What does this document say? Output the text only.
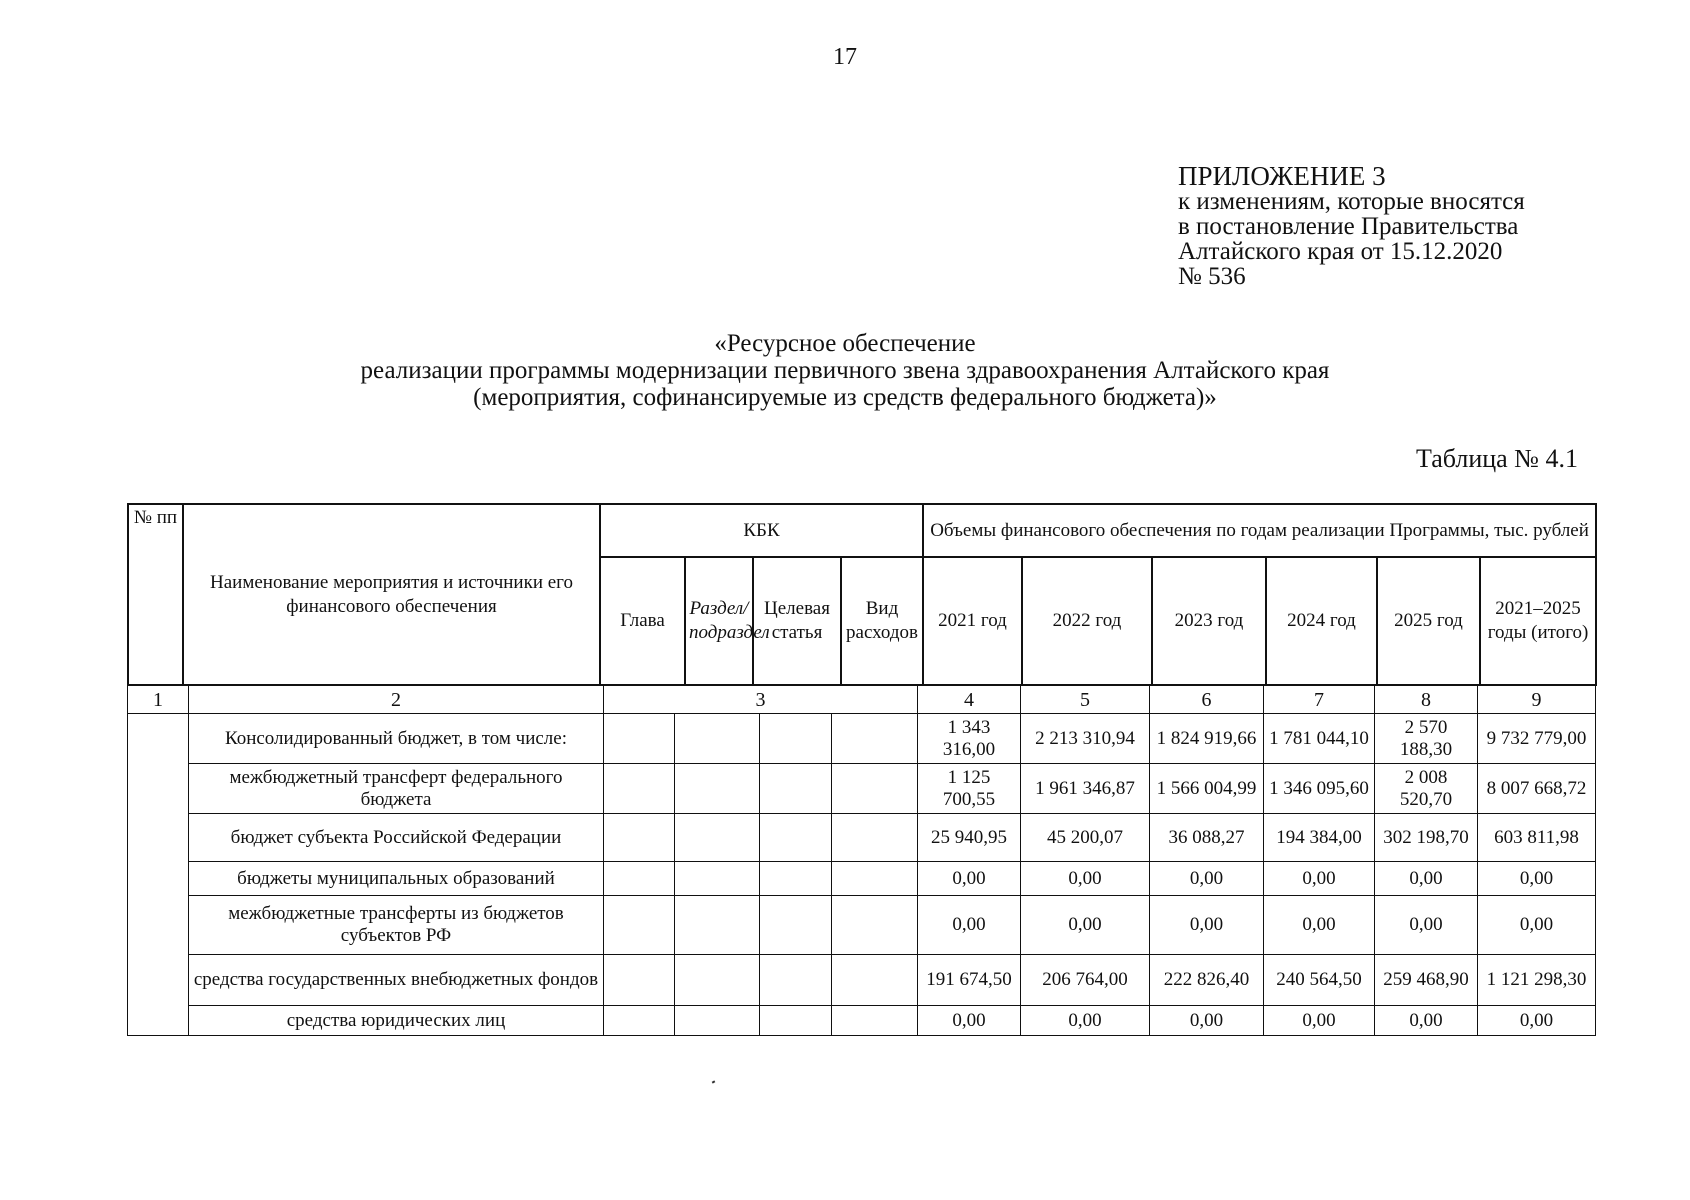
17
ПРИЛОЖЕНИЕ 3
к изменениям, которые вносятся
в постановление Правительства
Алтайского края от 15.12.2020
№ 536
«Ресурсное обеспечение
реализации программы модернизации первичного звена здравоохранения Алтайского края
(мероприятия, софинансируемые из средств федерального бюджета)»
Таблица № 4.1
№ пп	Наименование мероприятия и источники его финансового обеспечения	КБК				Объемы финансового обеспечения по годам реализации Программы, тыс. рублей					
		Глава	Раздел/ подраздел	Целевая статья	Вид расходов	2021 год	2022 год	2023 год	2024 год	2025 год	2021–2025 годы (итого)
1	2	3				4	5	6	7	8	9
	Консолидированный бюджет, в том числе:					1 343 316,00	2 213 310,94	1 824 919,66	1 781 044,10	2 570 188,30	9 732 779,00
	межбюджетный трансферт федерального бюджета					1 125 700,55	1 961 346,87	1 566 004,99	1 346 095,60	2 008 520,70	8 007 668,72
	бюджет субъекта Российской Федерации					25 940,95	45 200,07	36 088,27	194 384,00	302 198,70	603 811,98
	бюджеты муниципальных образований					0,00	0,00	0,00	0,00	0,00	0,00
	межбюджетные трансферты из бюджетов субъектов РФ					0,00	0,00	0,00	0,00	0,00	0,00
	средства государственных внебюджетных фондов					191 674,50	206 764,00	222 826,40	240 564,50	259 468,90	1 121 298,30
	средства юридических лиц					0,00	0,00	0,00	0,00	0,00	0,00
